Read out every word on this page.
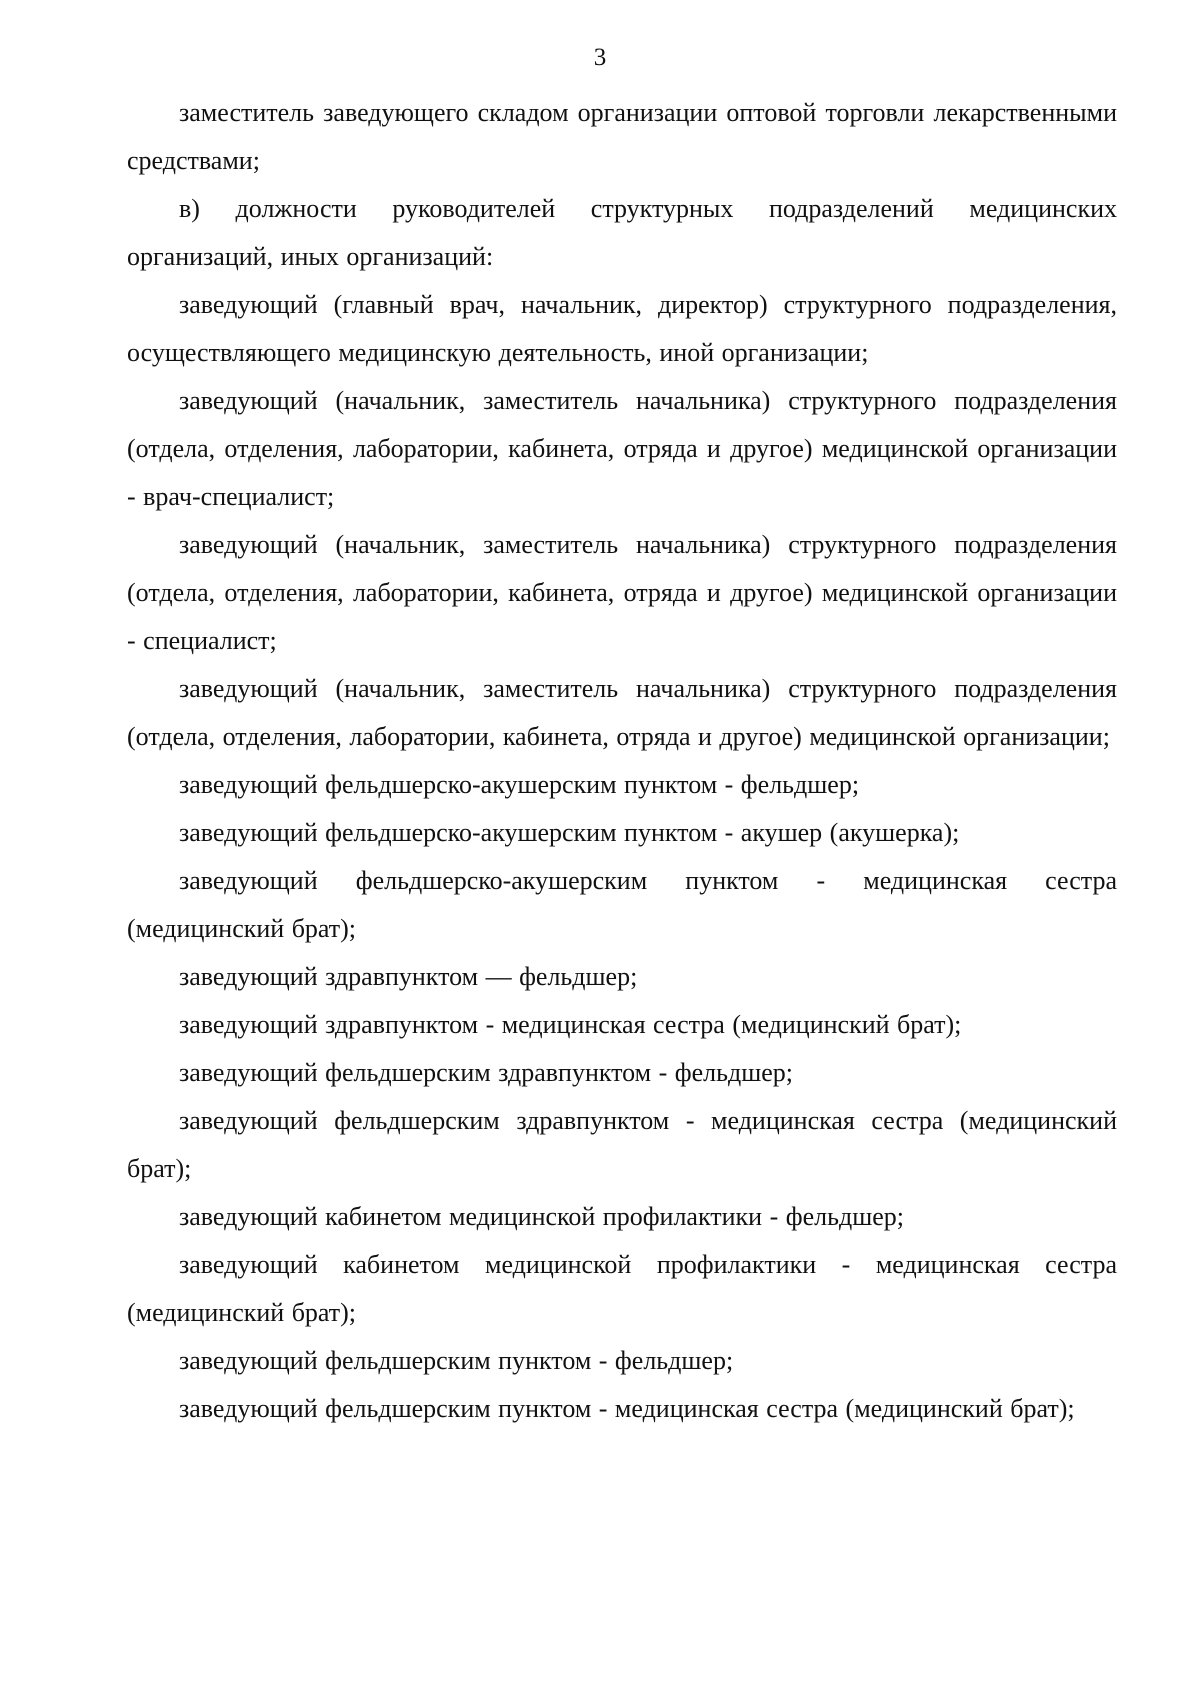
3

заместитель заведующего складом организации оптовой торговли лекарственными средствами;

в) должности руководителей структурных подразделений медицинских организаций, иных организаций:

заведующий (главный врач, начальник, директор) структурного подразделения, осуществляющего медицинскую деятельность, иной организации;

заведующий (начальник, заместитель начальника) структурного подразделения (отдела, отделения, лаборатории, кабинета, отряда и другое) медицинской организации - врач-специалист;

заведующий (начальник, заместитель начальника) структурного подразделения (отдела, отделения, лаборатории, кабинета, отряда и другое) медицинской организации - специалист;

заведующий (начальник, заместитель начальника) структурного подразделения (отдела, отделения, лаборатории, кабинета, отряда и другое) медицинской организации;

заведующий фельдшерско-акушерским пунктом - фельдшер;

заведующий фельдшерско-акушерским пунктом - акушер (акушерка);

заведующий фельдшерско-акушерским пунктом - медицинская сестра (медицинский брат);

заведующий здравпунктом — фельдшер;

заведующий здравпунктом - медицинская сестра (медицинский брат);

заведующий фельдшерским здравпунктом - фельдшер;

заведующий фельдшерским здравпунктом - медицинская сестра (медицинский брат);

заведующий кабинетом медицинской профилактики - фельдшер;

заведующий кабинетом медицинской профилактики - медицинская сестра (медицинский брат);

заведующий фельдшерским пунктом - фельдшер;

заведующий фельдшерским пунктом - медицинская сестра (медицинский брат);
